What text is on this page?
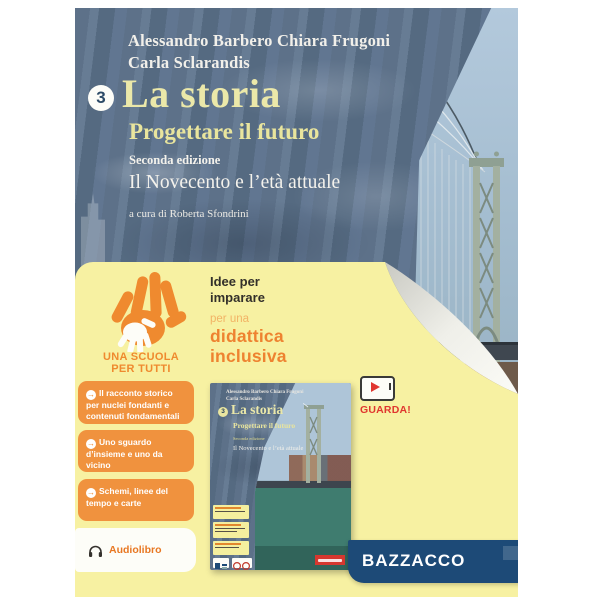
Alessandro Barbero Chiara Frugoni
Carla Sclarandis
3 La storia
Progettare il futuro
Seconda edizione
Il Novecento e l’età attuale
a cura di Roberta Sfondrini
UNA SCUOLA
PER TUTTI
Idee per
imparare
per una
didattica
inclusiva
GUARDA!
→ Il racconto storico per nuclei fondanti e contenuti fondamentali
→ Uno sguardo d’insieme e uno da vicino
→ Schemi, linee del tempo e carte
Audiolibro
Alessandro Barbero Chiara Frugoni
Carla Sclarandis
3 La storia
Progettare il futuro
Seconda edizione
Il Novecento e l’età attuale
BAZZACCO
